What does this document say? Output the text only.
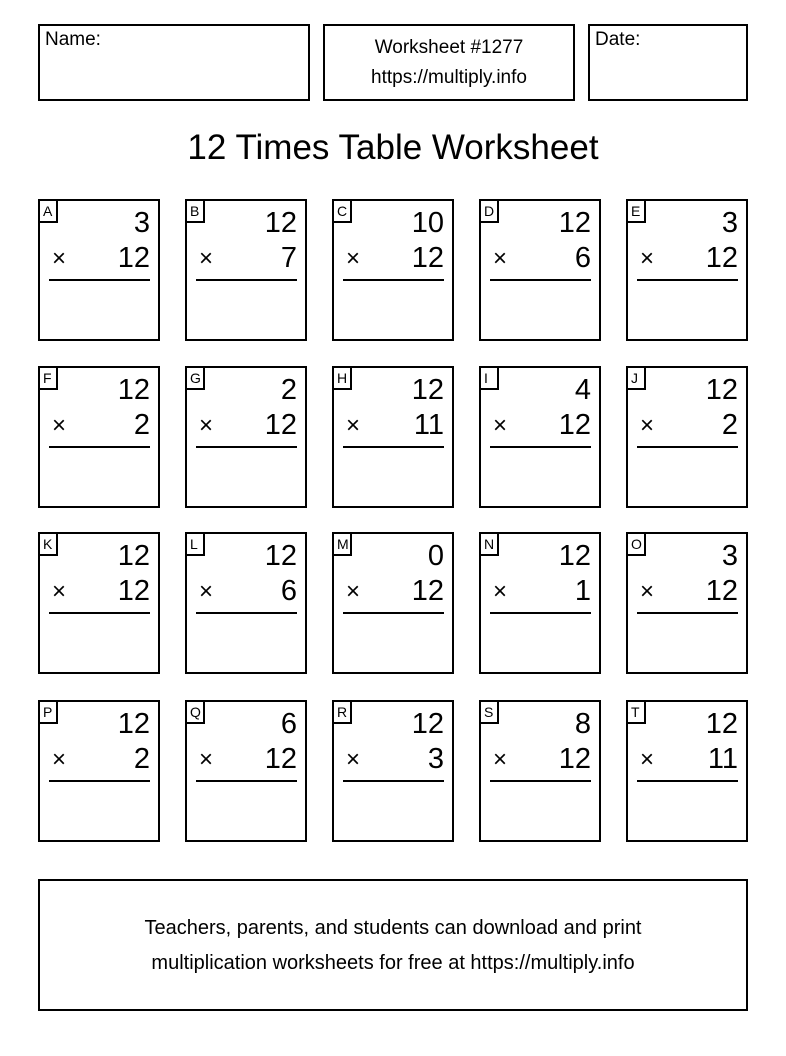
Name:	Worksheet #1277
https://multiply.info
Date:
12 Times Table Worksheet
A	3
× 12
B 12
× 7
C 10
× 12
D 12
× 6
E	3
× 12
F 12
× 2
G	2
× 12
H 12
× 11
I	4
× 12
J 12
× 2
K 12
× 12
L 12
× 6
M	0
× 12
N 12
× 1
O	3
× 12
P 12
× 2
Q	6
× 12
R 12
× 3
S	8
× 12
T 12
× 11
Teachers, parents, and students can download and print
multiplication worksheets for free at https://multiply.info
